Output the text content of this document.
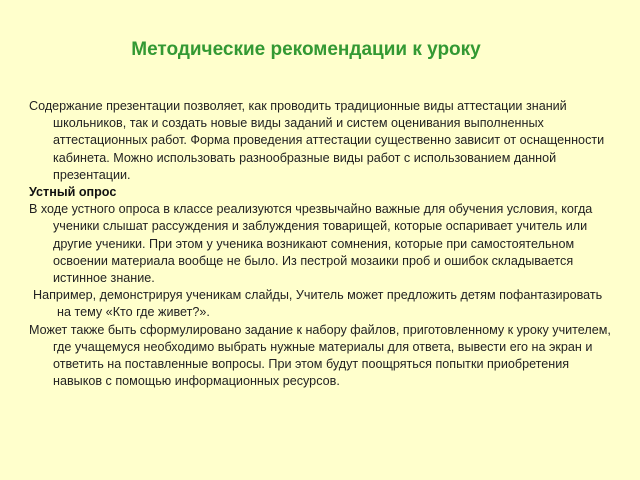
Методические рекомендации к уроку

Содержание презентации позволяет, как проводить традиционные виды аттестации знаний школьников, так и создать новые виды заданий и систем оценивания выполненных аттестационных работ. Форма проведения аттестации существенно зависит от оснащенности кабинета. Можно использовать разнообразные виды работ с использованием данной презентации.

Устный опрос

В ходе устного опроса в классе реализуются чрезвычайно важные для обучения условия, когда ученики слышат рассуждения и заблуждения товарищей, которые оспаривает учитель или другие ученики. При этом у ученика возникают сомнения, которые при самостоятельном освоении материала вообще не было. Из пестрой мозаики проб и ошибок складывается истинное знание.

Например, демонстрируя ученикам слайды, Учитель может предложить детям пофантазировать на тему «Кто где живет?».

Может также быть сформулировано задание к набору файлов, приготовленному к уроку учителем, где учащемуся необходимо выбрать нужные материалы для ответа, вывести его на экран и ответить на поставленные вопросы. При этом будут поощряться попытки приобретения навыков с помощью информационных ресурсов.
